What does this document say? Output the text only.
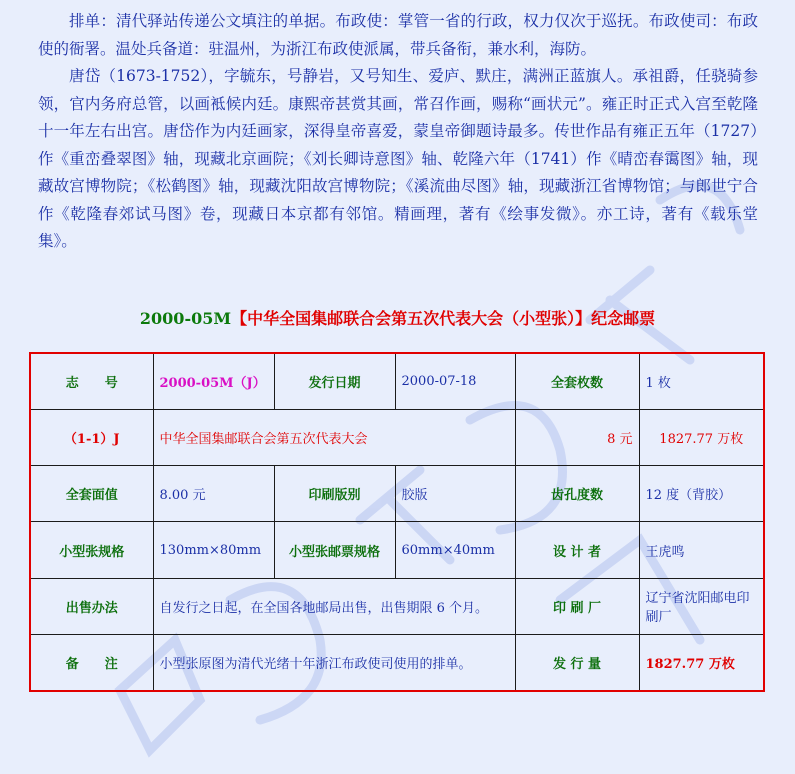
排单：清代驿站传递公文填注的单据。布政使：掌管一省的行政，权力仅次于巡抚。布政使司：布政使的衙署。温处兵备道：驻温州，为浙江布政使派属，带兵备衔，兼水利，海防。

唐岱（1673-1752），字毓东，号静岩，又号知生、爱庐、默庄，满洲正蓝旗人。承祖爵，任骁骑参领，官内务府总管，以画袛候内廷。康熙帝甚赏其画，常召作画，赐称“画状元”。雍正时正式入宫至乾隆十一年左右出宫。唐岱作为内廷画家，深得皇帝喜爱，蒙皇帝御题诗最多。传世作品有雍正五年（1727）作《重峦叠翠图》轴，现藏北京画院；《刘长卿诗意图》轴、乾隆六年（1741）作《晴峦春霭图》轴，现藏故宫博物院；《松鹤图》轴，现藏沈阳故宫博物院；《溪流曲尽图》轴，现藏浙江省博物馆；与郎世宁合作《乾隆春郊试马图》卷，现藏日本京都有邻馆。精画理，著有《绘事发微》。亦工诗，著有《载乐堂集》。

2000-05M【中华全国集邮联合会第五次代表大会（小型张）】纪念邮票
志　　号	2000-05M（J）	发行日期	2000-07-18	全套枚数	1 枚
（1-1）J	中华全国集邮联合会第五次代表大会			8 元	1827.77 万枚
全套面值	8.00 元	印刷版别	胶版	齿孔度数	12 度（背胶）
小型张规格	130mm×80mm	小型张邮票规格	60mm×40mm	设 计 者	王虎鸣
出售办法	自发行之日起，在全国各地邮局出售，出售期限 6 个月。			印 刷 厂	辽宁省沈阳邮电印刷厂
备　　注	小型张原图为清代光绪十年浙江布政使司使用的排单。			发 行 量	1827.77 万枚
